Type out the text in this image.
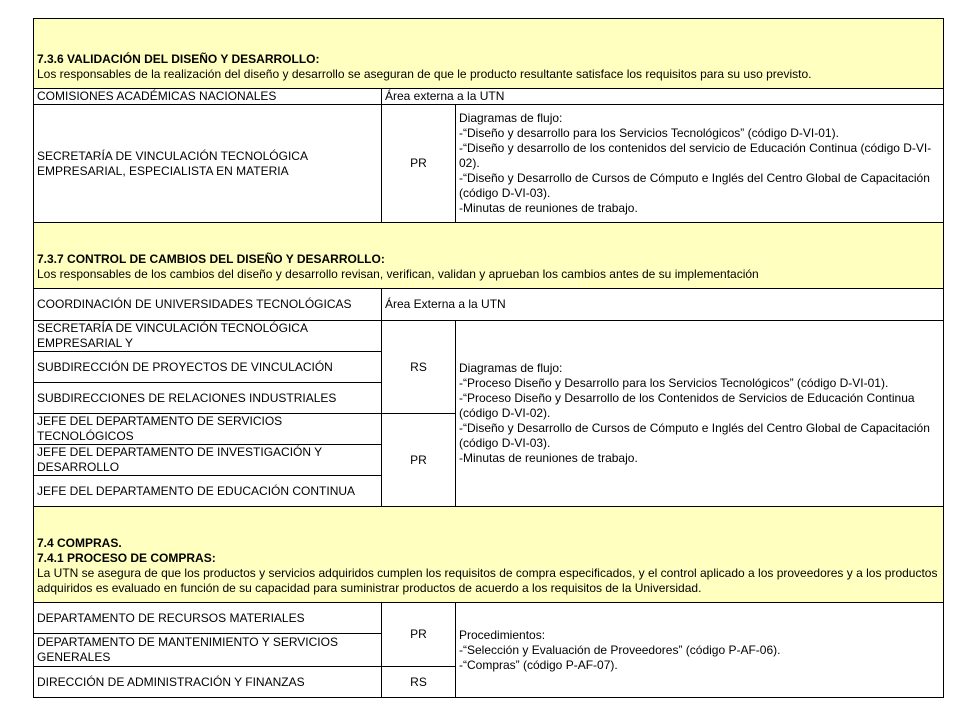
7.3.6 VALIDACIÓN DEL DISEÑO Y DESARROLLO:
Los responsables de la realización del diseño y desarrollo se aseguran de que le producto resultante satisface los requisitos para su uso previsto.		

COMISIONES ACADÉMICAS NACIONALES	Área externa a la UTN	
SECRETARÍA DE VINCULACIÓN TECNOLÓGICA EMPRESARIAL, ESPECIALISTA EN MATERIA	PR	Diagramas de flujo:
-“Diseño y desarrollo para los Servicios Tecnológicos” (código D-VI-01).
-“Diseño y desarrollo de los contenidos del servicio de Educación Continua (código D-VI-02).
-“Diseño y Desarrollo de Cursos de Cómputo e Inglés del Centro Global de Capacitación (código D-VI-03).
-Minutas de reuniones de trabajo.

7.3.7 CONTROL DE CAMBIOS DEL DISEÑO Y DESARROLLO:
Los responsables de los cambios del diseño y desarrollo revisan, verifican, validan y aprueban los cambios antes de su implementación		

COORDINACIÓN DE UNIVERSIDADES TECNOLÓGICAS	Área Externa a la UTN	
SECRETARÍA DE VINCULACIÓN TECNOLÓGICA EMPRESARIAL Y	RS	Diagramas de flujo:
-“Proceso Diseño y Desarrollo para los Servicios Tecnológicos” (código D-VI-01).
-“Proceso Diseño y Desarrollo de los Contenidos de Servicios de Educación Continua (código D-VI-02).
-“Diseño y Desarrollo de Cursos de Cómputo e Inglés del Centro Global de Capacitación (código D-VI-03).
-Minutas de reuniones de trabajo.

SUBDIRECCIÓN DE PROYECTOS DE VINCULACIÓN		
SUBDIRECCIONES DE RELACIONES INDUSTRIALES		
JEFE DEL DEPARTAMENTO DE SERVICIOS TECNOLÓGICOS	PR	
JEFE DEL DEPARTAMENTO DE INVESTIGACIÓN Y DESARROLLO		
JEFE DEL DEPARTAMENTO DE EDUCACIÓN CONTINUA		

7.4 COMPRAS.
7.4.1 PROCESO DE COMPRAS:
La UTN se asegura de que los productos y servicios adquiridos cumplen los requisitos de compra especificados, y el control aplicado a los proveedores y a los productos adquiridos es evaluado en función de su capacidad para suministrar productos de acuerdo a los requisitos de la Universidad.		

DEPARTAMENTO DE RECURSOS MATERIALES	PR	Procedimientos:
-“Selección y Evaluación de Proveedores” (código P-AF-06).
-“Compras” (código P-AF-07).

DEPARTAMENTO DE MANTENIMIENTO Y SERVICIOS GENERALES		
DIRECCIÓN DE ADMINISTRACIÓN Y FINANZAS	RS	
